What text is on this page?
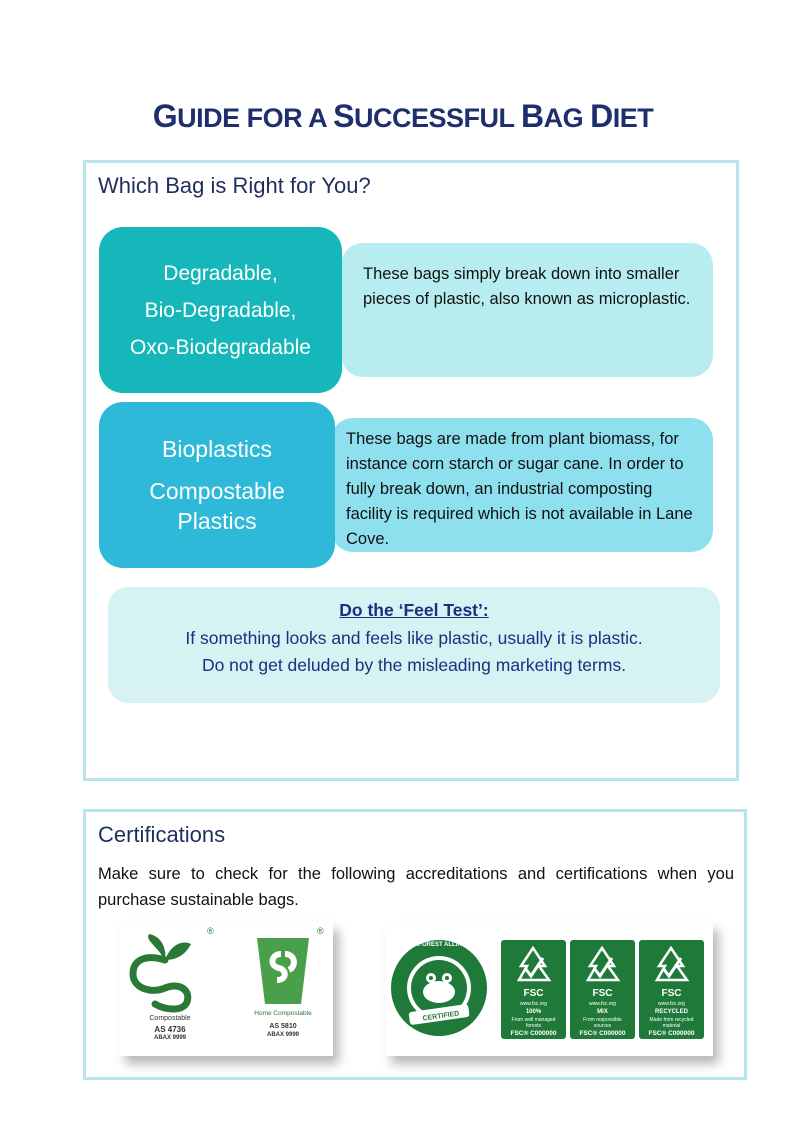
GUIDE FOR A SUCCESSFUL BAG DIET
Which Bag is Right for You?
These bags simply break down into smaller pieces of plastic, also known as microplastic.
Degradable,
Bio-Degradable,
Oxo-Biodegradable
These bags are made from plant biomass, for instance corn starch or sugar cane. In order to fully break down, an industrial composting facility is required which is not available in Lane Cove.
Bioplastics
Compostable
Plastics
Do the ‘Feel Test’:
If something looks and feels like plastic, usually it is plastic.
Do not get deluded by the misleading marketing terms.
Certifications
Make sure to check for the following accreditations and certifications when you purchase sustainable bags.
®
Compostable
AS 4736
ABAX 9999
®
Home Compostable
AS 5810
ABAX 9999
RAINFOREST ALLIANCE
CERTIFIED
FSC
www.fsc.org
100%
From well managed forests
FSC® C000000
FSC
www.fsc.org
MIX
From responsible sources
FSC® C000000
FSC
www.fsc.org
RECYCLED
Made from recycled material
FSC® C000000
